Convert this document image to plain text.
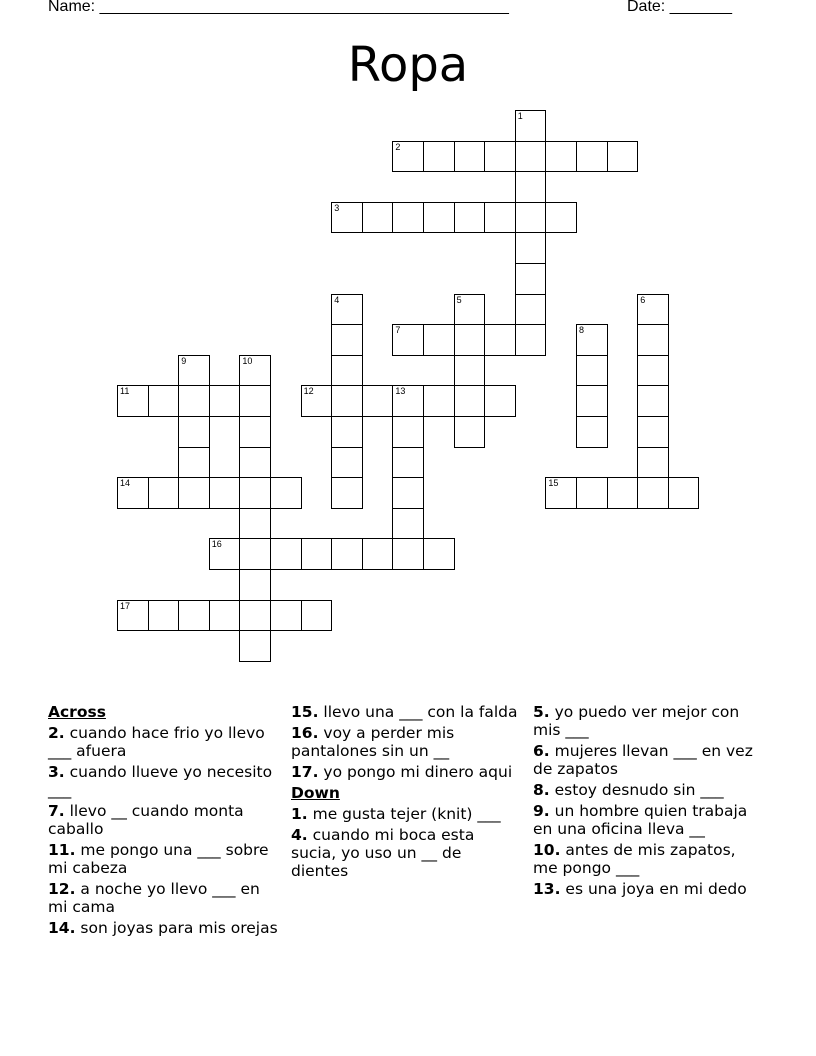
Name: ______________________________________________	Date: _______
Ropa
1
2
3
4	5	6
7	8
9	10
11	12	13
14	15
16
17
Across
2. cuando hace frio yo llevo ___ afuera
3. cuando llueve yo necesito ___
7. llevo __ cuando monta caballo
11. me pongo una ___ sobre mi cabeza
12. a noche yo llevo ___ en mi cama
14. son joyas para mis orejas
15. llevo una ___ con la falda
16. voy a perder mis pantalones sin un __
17. yo pongo mi dinero aqui
Down
1. me gusta tejer (knit) ___
4. cuando mi boca esta sucia, yo uso un __ de dientes
5. yo puedo ver mejor con mis ___
6. mujeres llevan ___ en vez de zapatos
8. estoy desnudo sin ___
9. un hombre quien trabaja en una oficina lleva __
10. antes de mis zapatos, me pongo ___
13. es una joya en mi dedo
